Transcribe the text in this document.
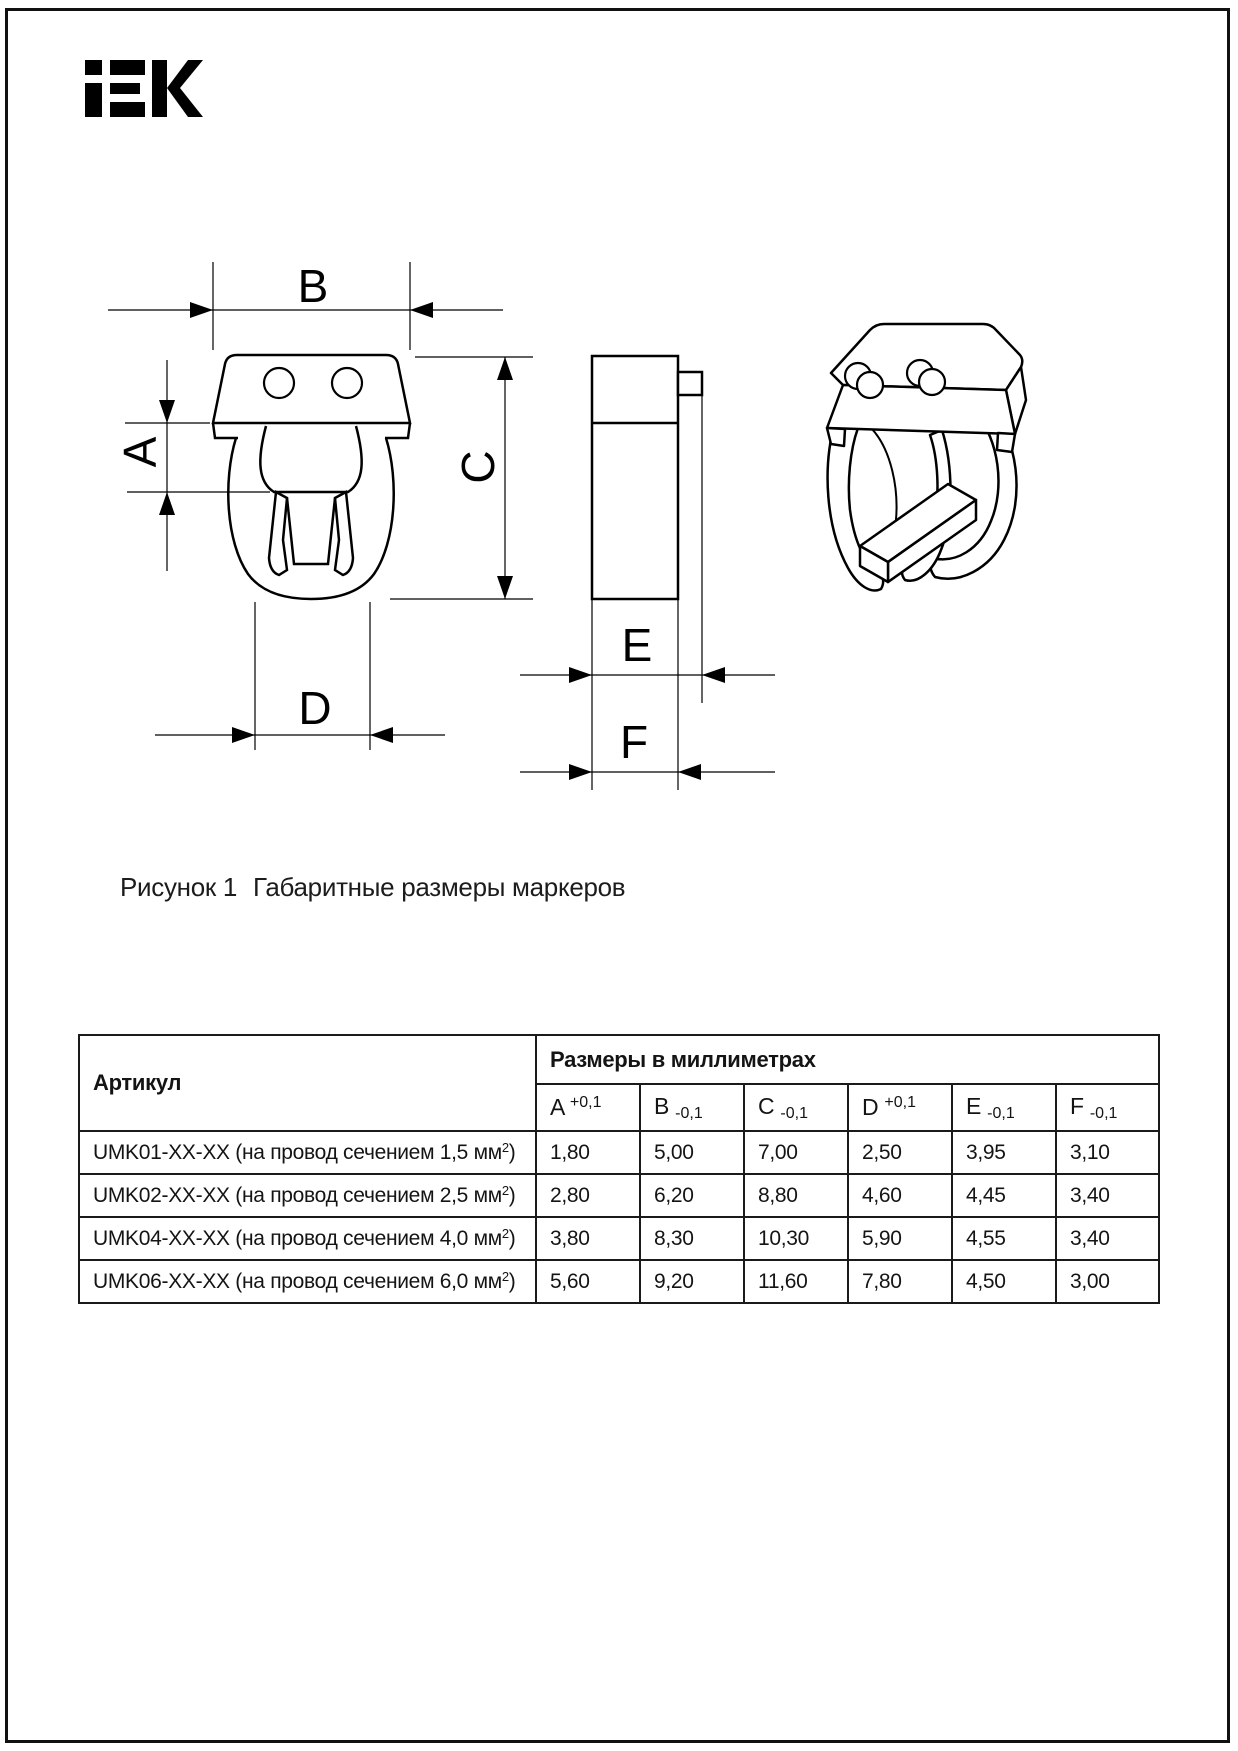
B
A	C
D
E
F
Рисунок 1 Габаритные размеры маркеров
Артикул	Размеры в миллиметрах					
	A $^{+0,1}$	B $_{-0,1}$	C $_{-0,1}$	D $^{+0,1}$	E $_{-0,1}$	F $_{-0,1}$
UMK01-XX-XX (на провод сечением 1,5 $мм^2$)	1,80	5,00	7,00	2,50	3,95	3,10
UMK02-XX-XX (на провод сечением 2,5 $мм^2$)	2,80	6,20	8,80	4,60	4,45	3,40
UMK04-XX-XX (на провод сечением 4,0 $мм^2$)	3,80	8,30	10,30	5,90	4,55	3,40
UMK06-XX-XX (на провод сечением 6,0 $мм^2$)	5,60	9,20	11,60	7,80	4,50	3,00
